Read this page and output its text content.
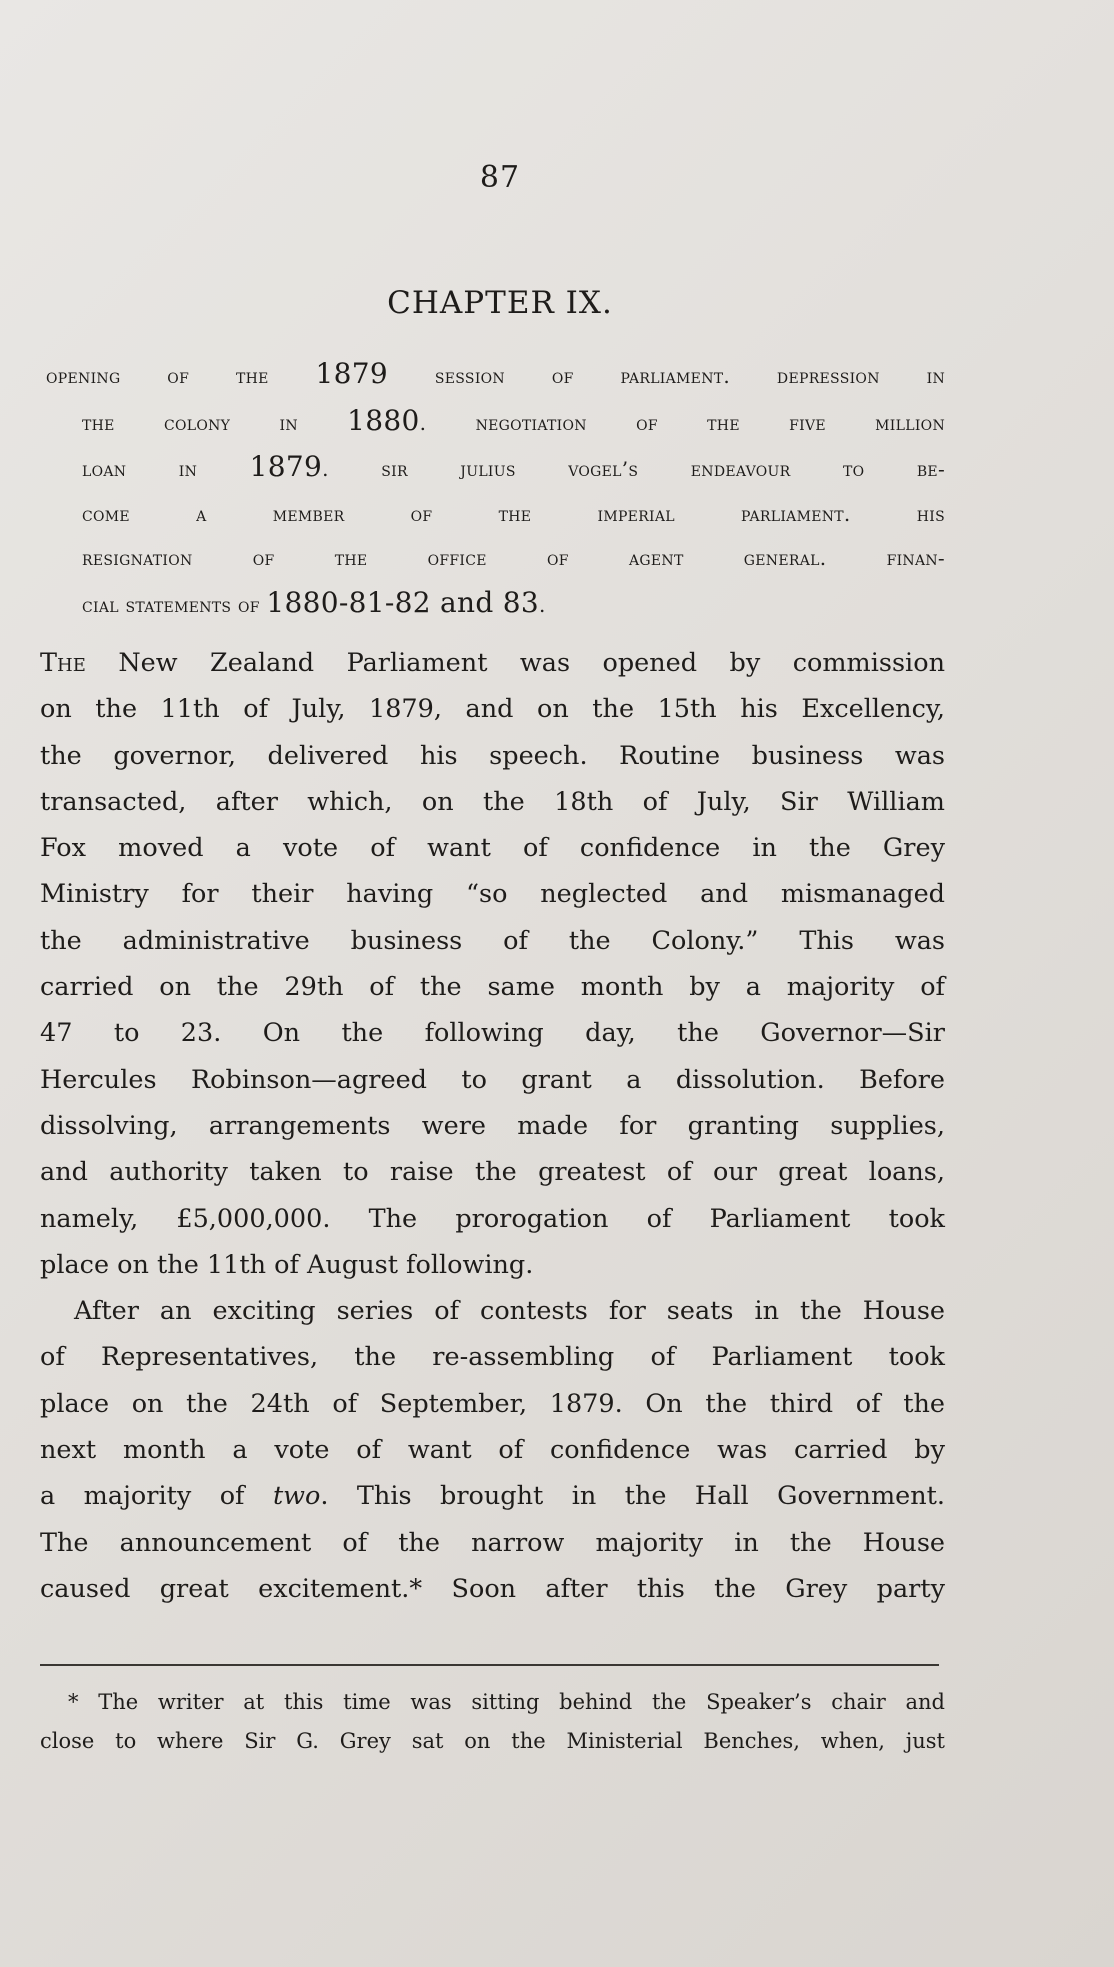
87
CHAPTER IX.
opening of the 1879 session of parliament. depression in
the colony in 1880. negotiation of the five million
loan in 1879. sir julius vogel’s endeavour to be-
come a member of the imperial parliament. his
resignation of the office of agent general. finan-
cial statements of 1880-81-82 and 83.
The New Zealand Parliament was opened by commission
on the 11th of July, 1879, and on the 15th his Excellency,
the governor, delivered his speech. Routine business was
transacted, after which, on the 18th of July, Sir William
Fox moved a vote of want of confidence in the Grey
Ministry for their having “so neglected and mismanaged
the administrative business of the Colony.” This was
carried on the 29th of the same month by a majority of
47 to 23. On the following day, the Governor—Sir
Hercules Robinson—agreed to grant a dissolution. Before
dissolving, arrangements were made for granting supplies,
and authority taken to raise the greatest of our great loans,
namely, £5,000,000. The prorogation of Parliament took
place on the 11th of August following.
After an exciting series of contests for seats in the House
of Representatives, the re-assembling of Parliament took
place on the 24th of September, 1879. On the third of the
next month a vote of want of confidence was carried by
a majority of two. This brought in the Hall Government.
The announcement of the narrow majority in the House
caused great excitement.* Soon after this the Grey party
* The writer at this time was sitting behind the Speaker’s chair and
close to where Sir G. Grey sat on the Ministerial Benches, when, just
